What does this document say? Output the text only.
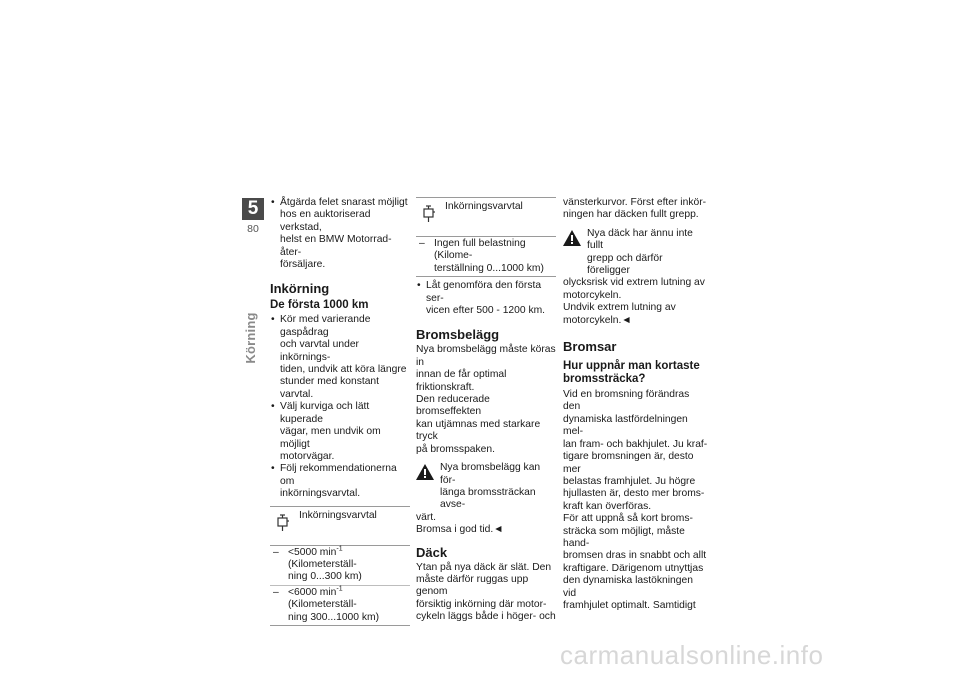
5
80
Körning

• Åtgärda felet snarast möjligt
hos en auktoriserad verkstad,
helst en BMW Motorrad-åter-
försäljare.

Inkörning
De första 1000 km

• Kör med varierande gaspådrag
och varvtal under inkörnings-
tiden, undvik att köra längre
stunder med konstant varvtal.

• Välj kurviga och lätt kuperade
vägar, men undvik om möjligt
motorvägar.

• Följ rekommendationerna om
inkörningsvarvtal.

Inkörningsvarvtal
– <5000 $\min^{-1}$ (Kilometerställ-
ning 0...300 km)
– <6000 $\min^{-1}$ (Kilometerställ-
ning 300...1000 km)
Inkörningsvarvtal
– Ingen full belastning (Kilome-
terställning 0...1000 km)

• Låt genomföra den första ser-
vicen efter 500 - 1200 km.

Bromsbelägg

Nya bromsbelägg måste köras in
innan de får optimal friktionskraft.
Den reducerade bromseffekten
kan utjämnas med starkare tryck
på bromsspaken.

Nya bromsbelägg kan för-
länga bromssträckan avse-
värt.
Bromsa i god tid.◄
Däck

Ytan på nya däck är slät. Den
måste därför ruggas upp genom
försiktig inkörning där motor-
cykeln läggs både i höger- och

vänsterkurvor. Först efter inkör-
ningen har däcken fullt grepp.

Nya däck har ännu inte fullt
grepp och därför föreligger
olycksrisk vid extrem lutning av
motorcykeln.
Undvik extrem lutning av
motorcykeln.◄
Bromsar
Hur uppnår man kortaste
bromssträcka?

Vid en bromsning förändras den
dynamiska lastfördelningen mel-
lan fram- och bakhjulet. Ju kraf-
tigare bromsningen är, desto mer
belastas framhjulet. Ju högre
hjullasten är, desto mer broms-
kraft kan överföras.
För att uppnå så kort broms-
sträcka som möjligt, måste hand-
bromsen dras in snabbt och allt
kraftigare. Därigenom utnyttjas
den dynamiska lastökningen vid
framhjulet optimalt. Samtidigt

carmanualsonline.info
